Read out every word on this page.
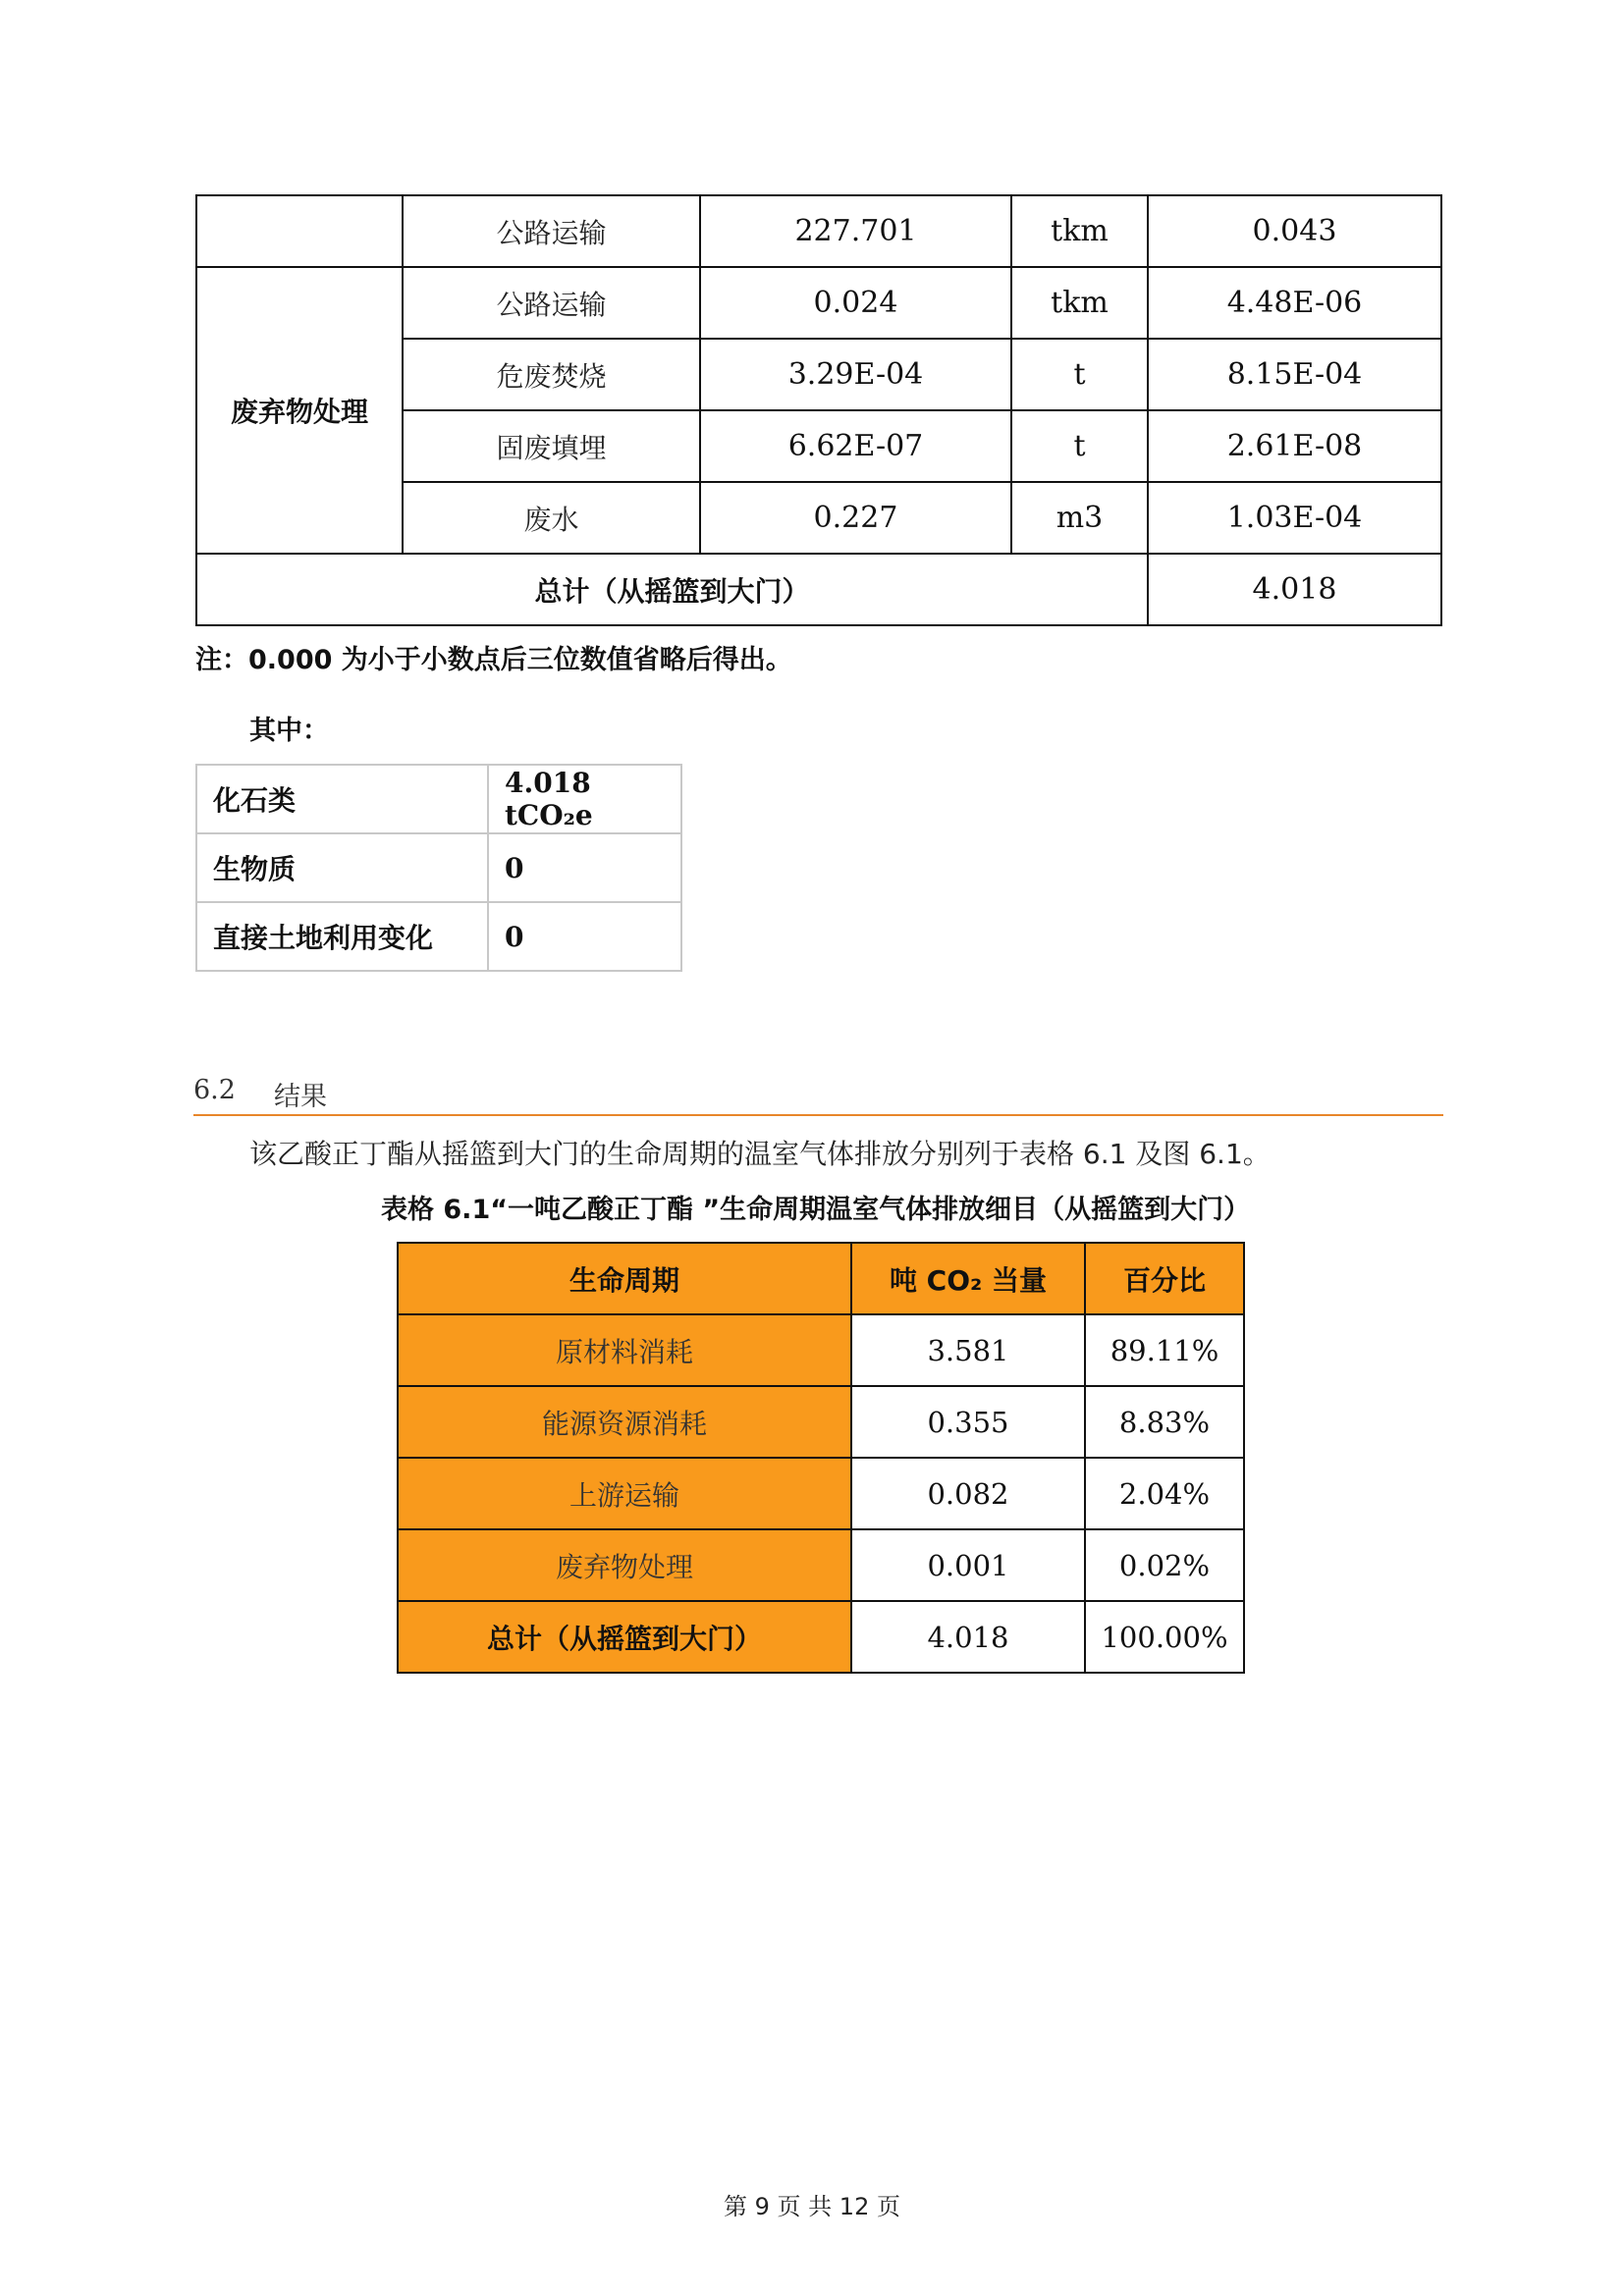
	公路运输	227.701	tkm	0.043
废弃物处理	公路运输	0.024	tkm	4.48E-06
	危废焚烧	3.29E-04	t	8.15E-04
	固废填埋	6.62E-07	t	2.61E-08
	废水	0.227	m3	1.03E-04
总计（从摇篮到大门）				4.018
注：0.000 为小于小数点后三位数值省略后得出。
其中：
化石类	4.018 tCO₂e
生物质	0
直接土地利用变化	0
6.2 结果
该乙酸正丁酯从摇篮到大门的生命周期的温室气体排放分别列于表格 6.1 及图 6.1。
表格 6.1“一吨乙酸正丁酯 ”生命周期温室气体排放细目（从摇篮到大门）
生命周期	吨 CO₂ 当量	百分比
原材料消耗	3.581	89.11%
能源资源消耗	0.355	8.83%
上游运输	0.082	2.04%
废弃物处理	0.001	0.02%
总计（从摇篮到大门）	4.018	100.00%
第 9 页 共 12 页
